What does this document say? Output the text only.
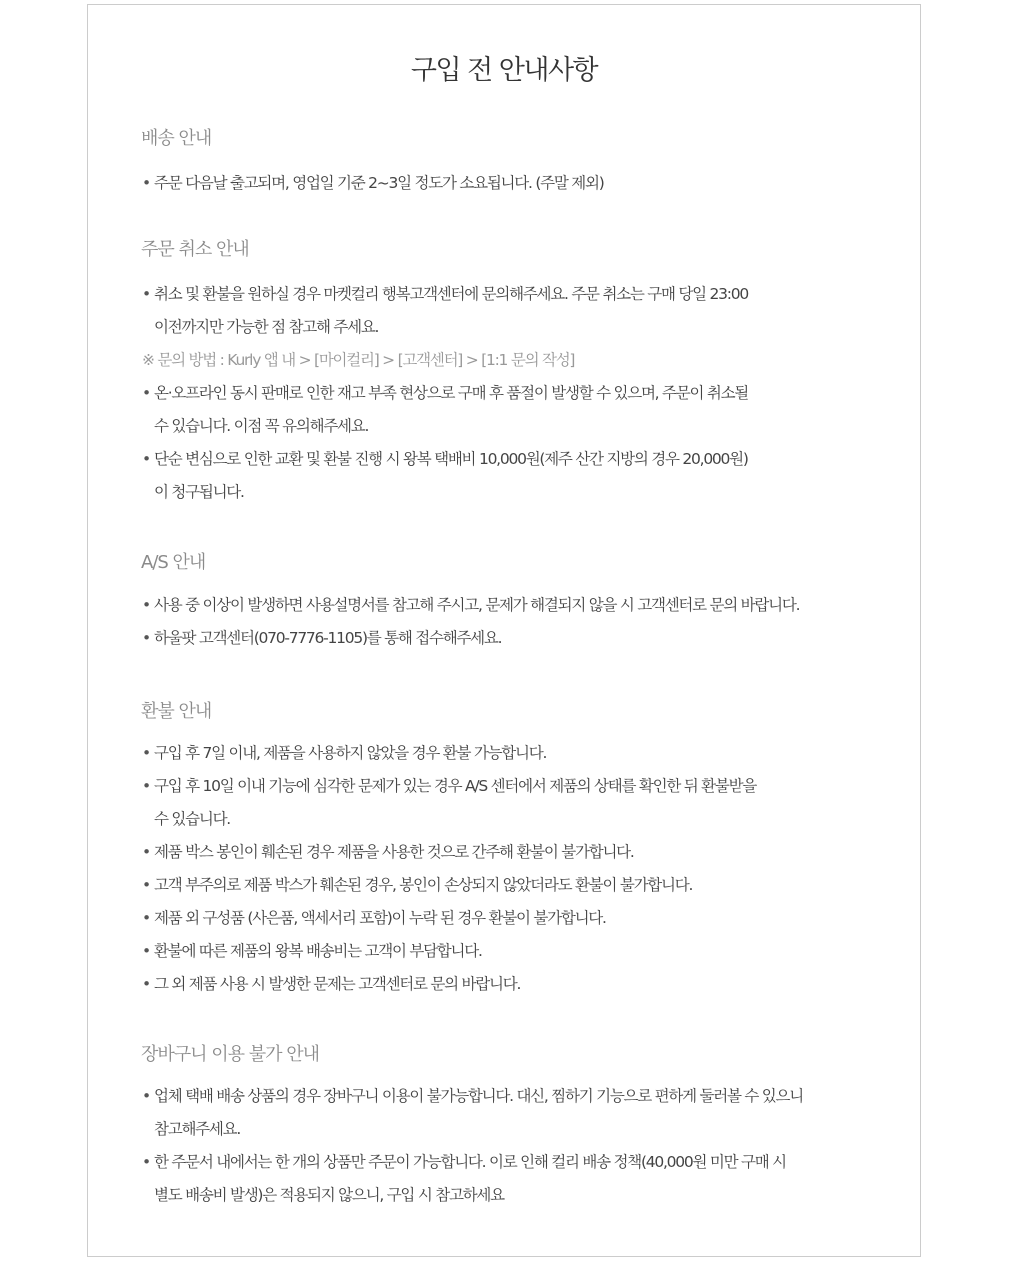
구입 전 안내사항
배송 안내
• 주문 다음날 출고되며, 영업일 기준 2~3일 정도가 소요됩니다. (주말 제외)
주문 취소 안내
• 취소 및 환불을 원하실 경우 마켓컬리 행복고객센터에 문의해주세요. 주문 취소는 구매 당일 23:00
이전까지만 가능한 점 참고해 주세요.
※ 문의 방법 : Kurly 앱 내 > [마이컬리] > [고객센터] > [1:1 문의 작성]
• 온·오프라인 동시 판매로 인한 재고 부족 현상으로 구매 후 품절이 발생할 수 있으며, 주문이 취소될
수 있습니다. 이점 꼭 유의해주세요.
• 단순 변심으로 인한 교환 및 환불 진행 시 왕복 택배비 10,000원(제주 산간 지방의 경우 20,000원)
이 청구됩니다.
A/S 안내
• 사용 중 이상이 발생하면 사용설명서를 참고해 주시고, 문제가 해결되지 않을 시 고객센터로 문의 바랍니다.
• 하울팟 고객센터(070-7776-1105)를 통해 접수해주세요.
환불 안내
• 구입 후 7일 이내, 제품을 사용하지 않았을 경우 환불 가능합니다.
• 구입 후 10일 이내 기능에 심각한 문제가 있는 경우 A/S 센터에서 제품의 상태를 확인한 뒤 환불받을
수 있습니다.
• 제품 박스 봉인이 훼손된 경우 제품을 사용한 것으로 간주해 환불이 불가합니다.
• 고객 부주의로 제품 박스가 훼손된 경우, 봉인이 손상되지 않았더라도 환불이 불가합니다.
• 제품 외 구성품 (사은품, 액세서리 포함)이 누락 된 경우 환불이 불가합니다.
• 환불에 따른 제품의 왕복 배송비는 고객이 부담합니다.
• 그 외 제품 사용 시 발생한 문제는 고객센터로 문의 바랍니다.
장바구니 이용 불가 안내
• 업체 택배 배송 상품의 경우 장바구니 이용이 불가능합니다. 대신, 찜하기 기능으로 편하게 둘러볼 수 있으니
참고해주세요.
• 한 주문서 내에서는 한 개의 상품만 주문이 가능합니다. 이로 인해 컬리 배송 정책(40,000원 미만 구매 시
별도 배송비 발생)은 적용되지 않으니, 구입 시 참고하세요
